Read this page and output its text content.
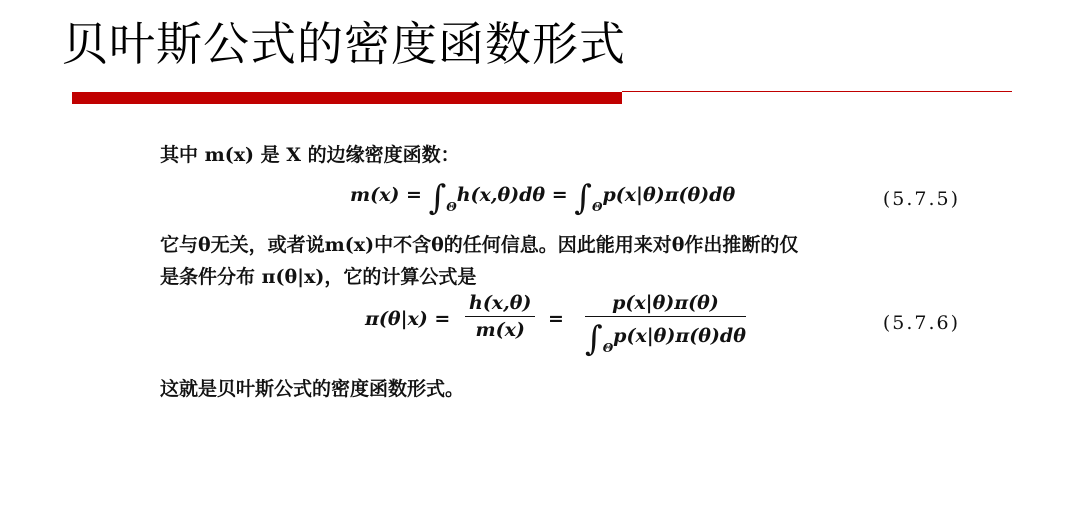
贝叶斯公式的密度函数形式
其中 m(x) 是 X 的边缘密度函数：
$m(x) = \int_\Theta h(x,\theta)d\theta = \int_\Theta p(x|\theta)\pi(\theta)d\theta$	(5.7.5)
它与θ无关，或者说m(x)中不含θ的任何信息。因此能用来对θ作出推断的仅
是条件分布 π(θ|x)，它的计算公式是
$\pi(\theta|x) = \frac{h(x,\theta)}{m(x)} = \frac{p(x|\theta)\pi(\theta)}{\int_\Theta p(x|\theta)\pi(\theta)d\theta}$	(5.7.6)
这就是贝叶斯公式的密度函数形式。
